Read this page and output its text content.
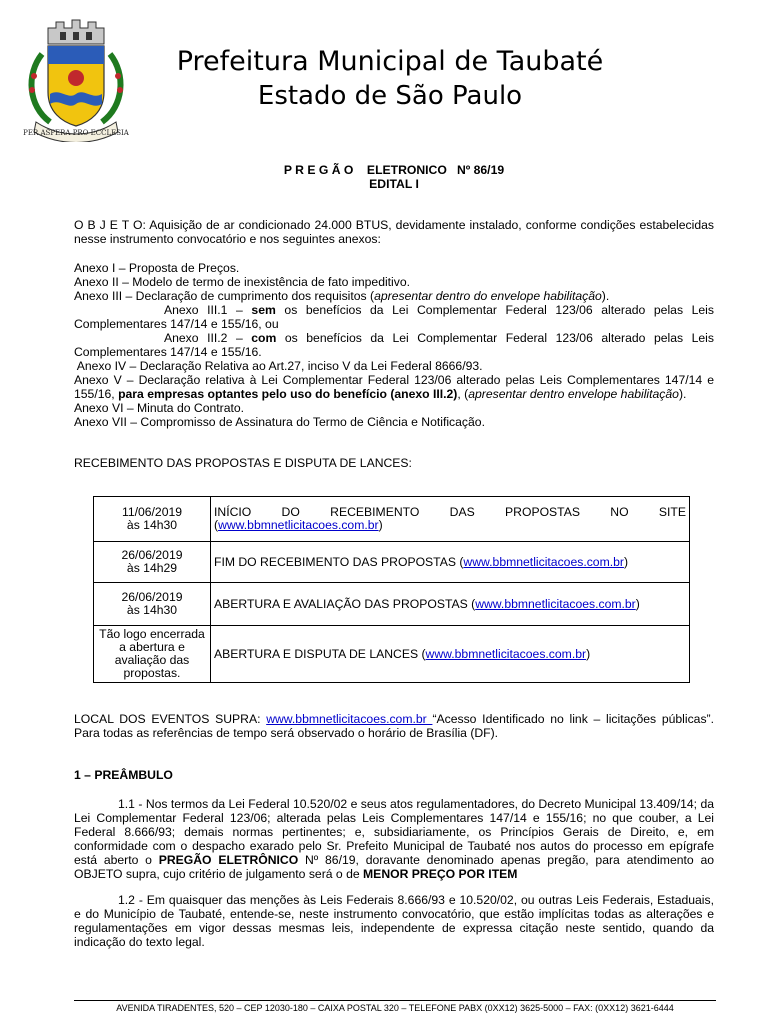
PER ASPERA PRO ECCLESIA
Prefeitura Municipal de Taubaté
Estado de São Paulo
P R E G Ã O    ELETRONICO   Nº 86/19
EDITAL I
O B J E T O: Aquisição de ar condicionado 24.000 BTUS, devidamente instalado, conforme condições estabelecidas nesse instrumento convocatório e nos seguintes anexos:

Anexo I – Proposta de Preços.

Anexo II – Modelo de termo de inexistência de fato impeditivo.

Anexo III – Declaração de cumprimento dos requisitos (apresentar dentro do envelope habilitação).

Anexo III.1 – sem os benefícios da Lei Complementar Federal 123/06 alterado pelas Leis

Complementares 147/14 e 155/16, ou

Anexo III.2 – com os benefícios da Lei Complementar Federal 123/06 alterado pelas Leis

Complementares 147/14 e 155/16.

Anexo IV – Declaração Relativa ao Art.27, inciso V da Lei Federal 8666/93.

Anexo V – Declaração relativa à Lei Complementar Federal 123/06 alterado pelas Leis Complementares 147/14 e 155/16, para empresas optantes pelo uso do benefício (anexo III.2), (apresentar dentro envelope habilitação).

Anexo VI – Minuta do Contrato.

Anexo VII – Compromisso de Assinatura do Termo de Ciência e Notificação.

RECEBIMENTO DAS PROPOSTAS E DISPUTA DE LANCES:
11/06/2019
às 14h30	INÍCIO DO RECEBIMENTO DAS PROPOSTAS NO SITE (www.bbmnetlicitacoes.com.br)

26/06/2019
às 14h29	FIM DO RECEBIMENTO DAS PROPOSTAS (www.bbmnetlicitacoes.com.br)

26/06/2019
às 14h30	ABERTURA E AVALIAÇÃO DAS PROPOSTAS (www.bbmnetlicitacoes.com.br)
Tão logo encerrada a abertura e avaliação das propostas.	ABERTURA E DISPUTA DE LANCES (www.bbmnetlicitacoes.com.br)
LOCAL DOS EVENTOS SUPRA: www.bbmnetlicitacoes.com.br “Acesso Identificado no link – licitações públicas”. Para todas as referências de tempo será observado o horário de Brasília (DF).
1 – PREÂMBULO
1.1 - Nos termos da Lei Federal 10.520/02 e seus atos regulamentadores, do Decreto Municipal 13.409/14; da Lei Complementar Federal 123/06; alterada pelas Leis Complementares 147/14 e 155/16; no que couber, a Lei Federal 8.666/93; demais normas pertinentes; e, subsidiariamente, os Princípios Gerais de Direito, e, em conformidade com o despacho exarado pelo Sr. Prefeito Municipal de Taubaté nos autos do processo em epígrafe está aberto o PREGÃO ELETRÔNICO Nº 86/19, doravante denominado apenas pregão, para atendimento ao OBJETO supra, cujo critério de julgamento será o de MENOR PREÇO POR ITEM
1.2 - Em quaisquer das menções às Leis Federais 8.666/93 e 10.520/02, ou outras Leis Federais, Estaduais, e do Município de Taubaté, entende-se, neste instrumento convocatório, que estão implícitas todas as alterações e regulamentações em vigor dessas mesmas leis, independente de expressa citação neste sentido, quando da indicação do texto legal.
AVENIDA TIRADENTES, 520 – CEP 12030-180 – CAIXA POSTAL 320 – TELEFONE PABX (0XX12) 3625-5000 – FAX: (0XX12) 3621-6444
